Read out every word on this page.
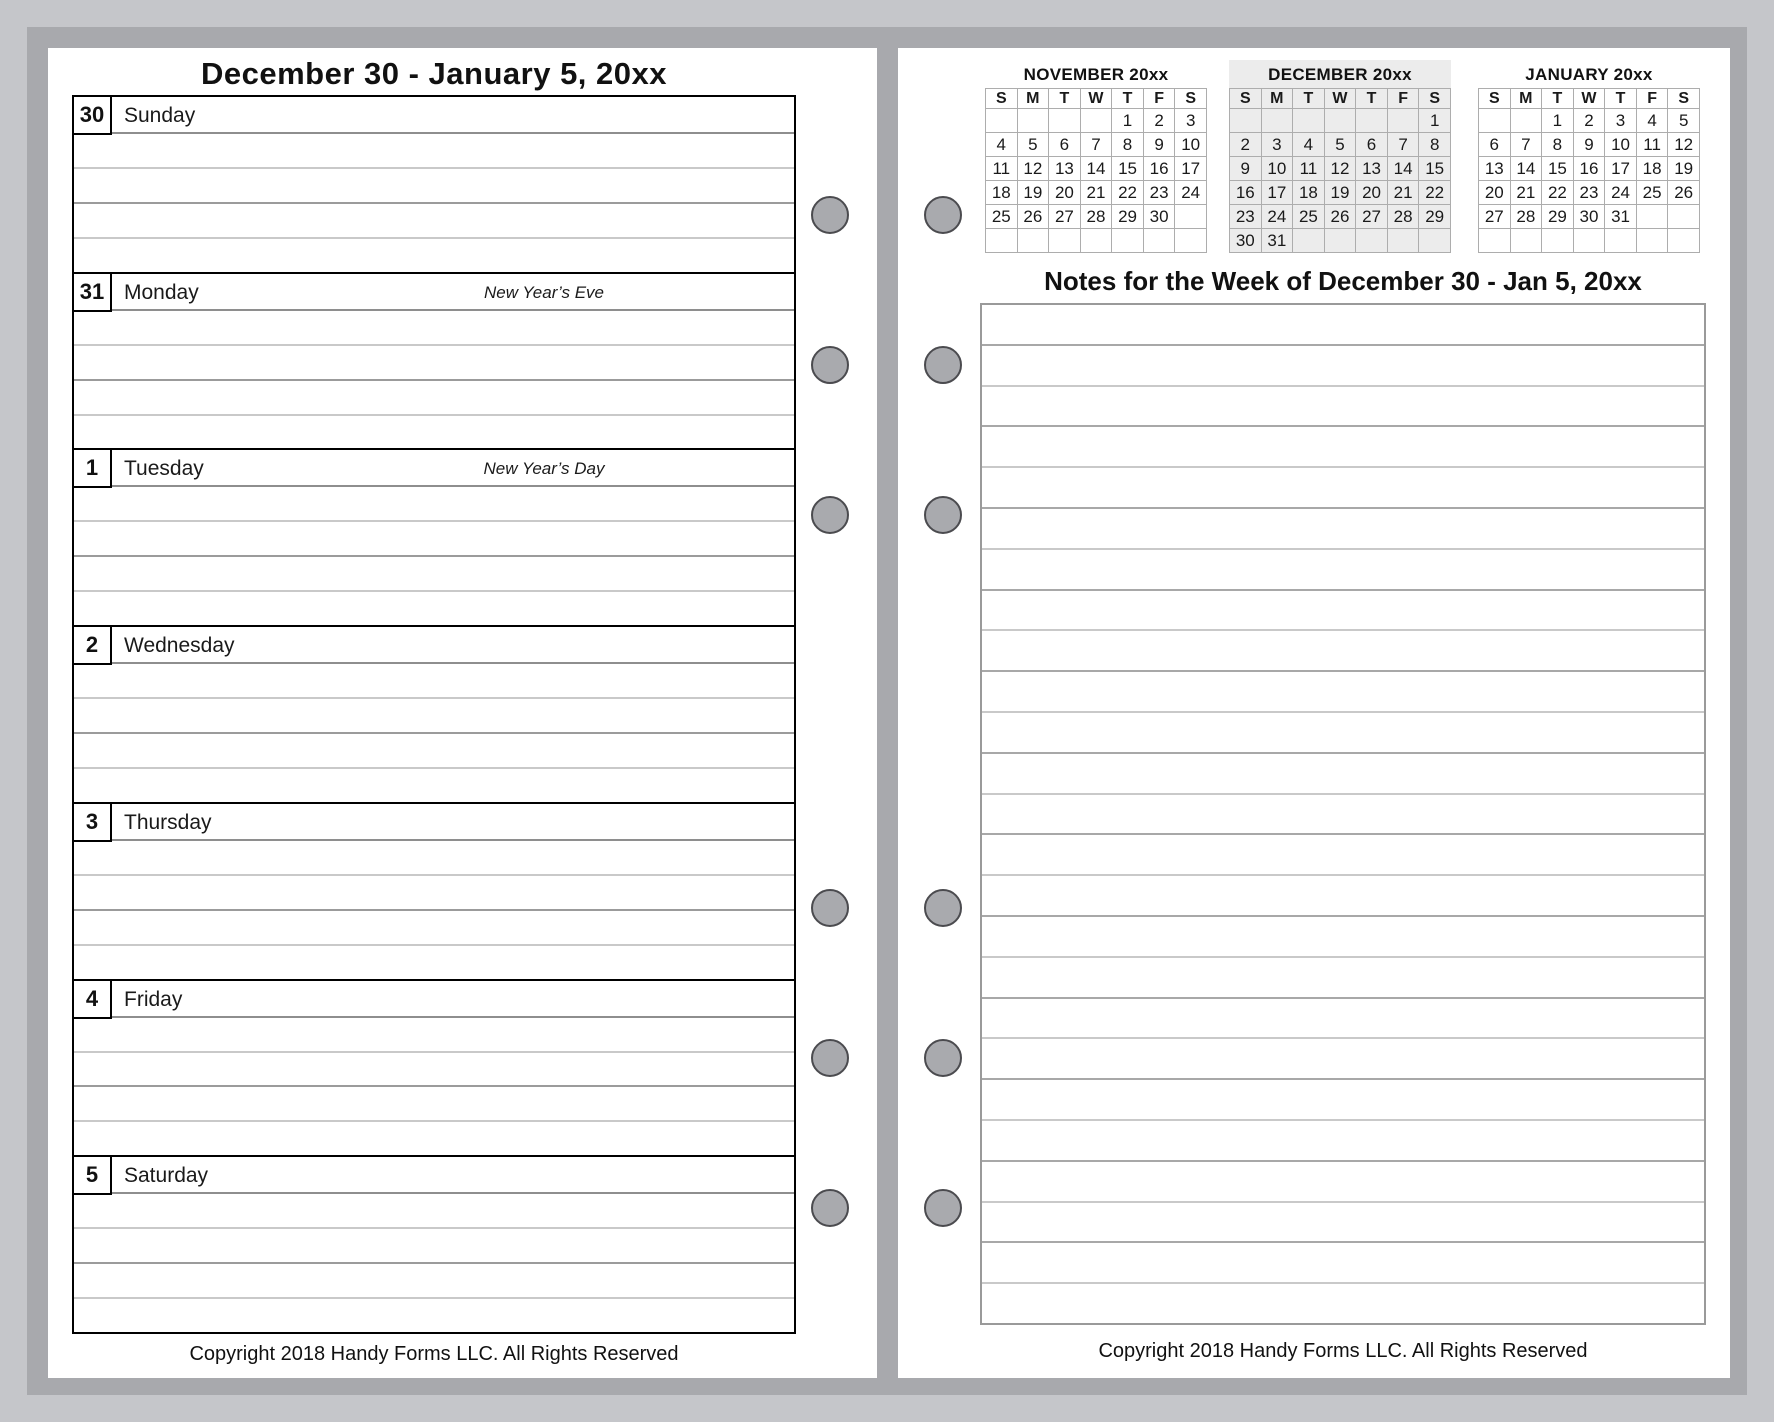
December 30 - January 5, 20xx
30 Sunday
31 Monday	New Year’s Eve
1	Tuesday	New Year’s Day
2	Wednesday
3	Thursday
4	Friday
5	Saturday
Copyright 2018 Handy Forms LLC. All Rights Reserved
NOVEMBER 20xx
S	M	T	W	T	F	S
				1	2	3
4	5	6	7	8	9	10
11	12	13	14	15	16	17
18	19	20	21	22	23	24
25	26	27	28	29	30	

DECEMBER 20xx
S	M	T	W	T	F	S
						1
2	3	4	5	6	7	8
9	10	11	12	13	14	15
16	17	18	19	20	21	22
23	24	25	26	27	28	29
30	31					
JANUARY 20xx
S	M	T	W	T	F	S
		1	2	3	4	5
6	7	8	9	10	11	12
13	14	15	16	17	18	19
20	21	22	23	24	25	26
27	28	29	30	31		

Notes for the Week of December 30 - Jan 5, 20xx
Copyright 2018 Handy Forms LLC. All Rights Reserved
